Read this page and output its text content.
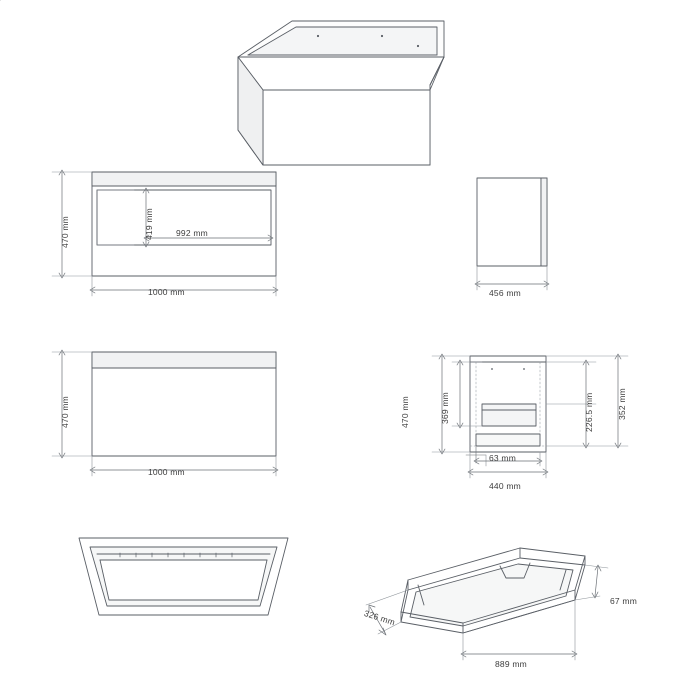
470 mm	419 mm	992 mm
1000 mm	456 mm
470 mm
1000 mm
470 mm	369 mm	226.5 mm	352 mm
63 mm
440 mm
326 mm
889 mm
67 mm
